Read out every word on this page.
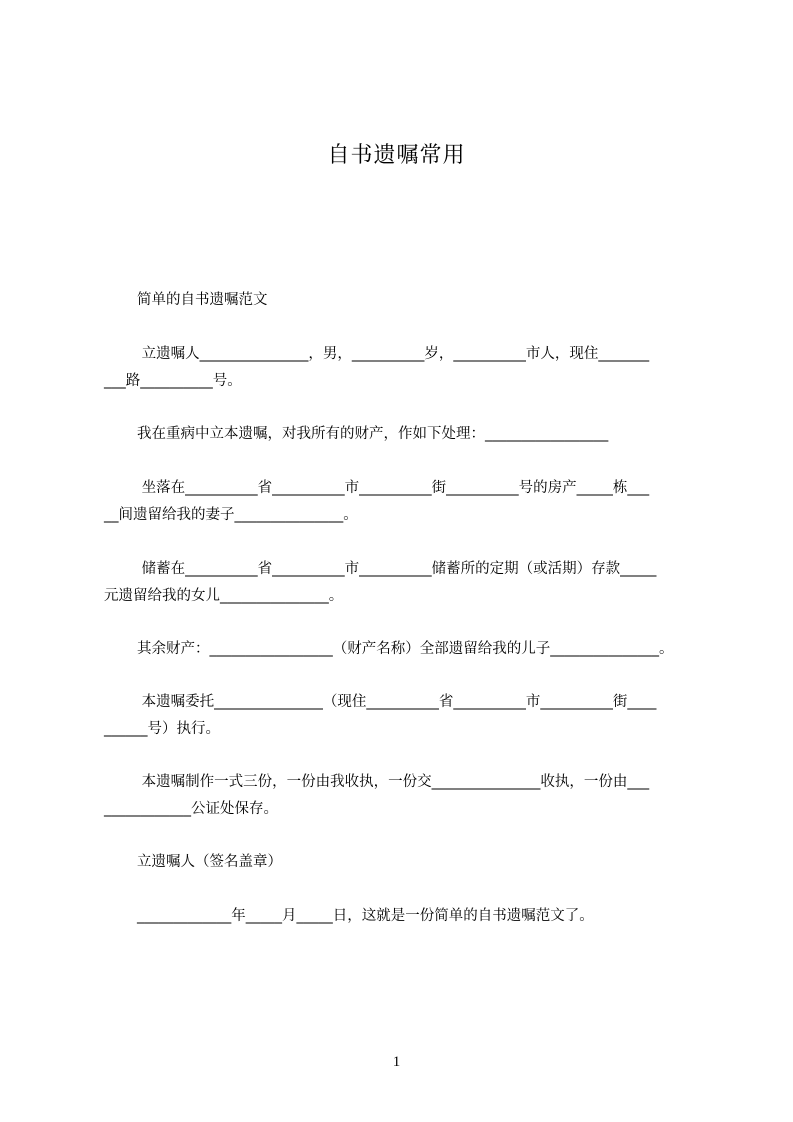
自书遗嘱常用
简单的自书遗嘱范文
立遗嘱人_______________，男，__________岁，__________市人，现住_______
___路__________号。
我在重病中立本遗嘱，对我所有的财产，作如下处理：_________________
坐落在__________省__________市__________街__________号的房产_____栋___
__间遗留给我的妻子_______________。
储蓄在__________省__________市__________储蓄所的定期（或活期）存款_____
元遗留给我的女儿_______________。
其余财产：_________________（财产名称）全部遗留给我的儿子_______________。
本遗嘱委托_______________（现住__________省__________市__________街____
______号）执行。
本遗嘱制作一式三份，一份由我收执，一份交_______________收执，一份由___
____________公证处保存。
立遗嘱人（签名盖章）
_____________年_____月_____日，这就是一份简单的自书遗嘱范文了。
1
